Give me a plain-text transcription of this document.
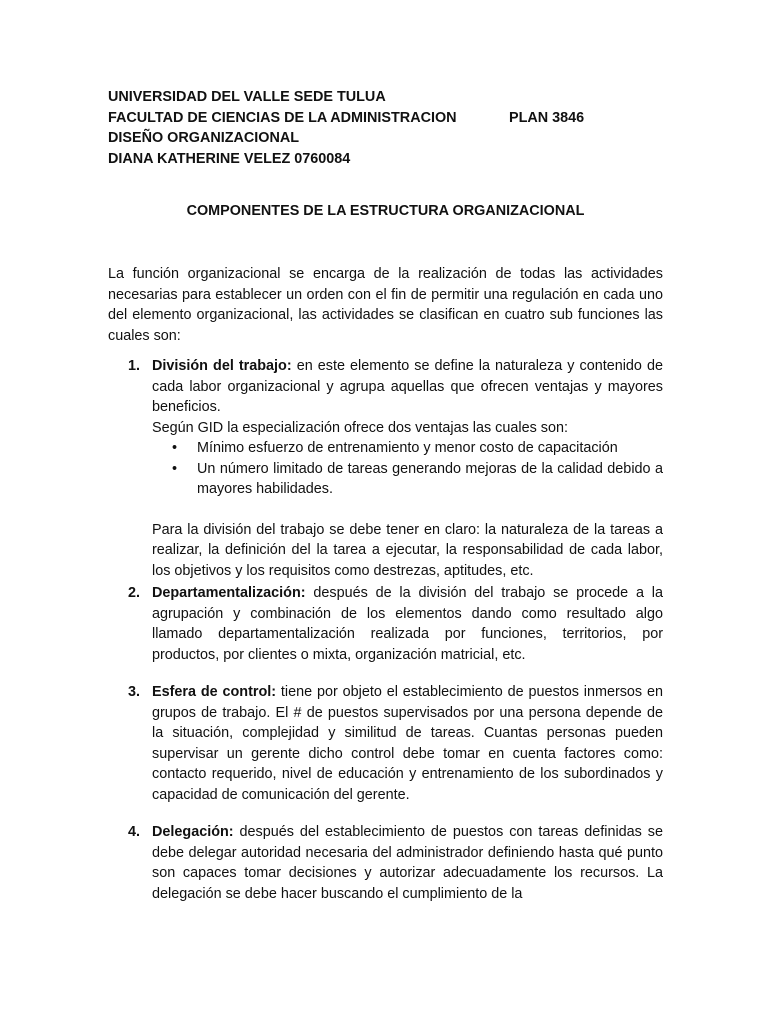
UNIVERSIDAD DEL VALLE SEDE TULUA
FACULTAD DE CIENCIAS DE LA ADMINISTRACION	PLAN 3846
DISEÑO ORGANIZACIONAL
DIANA KATHERINE VELEZ 0760084
COMPONENTES DE LA ESTRUCTURA ORGANIZACIONAL
La función organizacional se encarga de la realización de todas las actividades necesarias para establecer un orden con el fin de permitir una regulación en cada uno del elemento organizacional, las actividades se clasifican en cuatro sub funciones las cuales son:
1. División del trabajo: en este elemento se define la naturaleza y contenido de cada labor organizacional y agrupa aquellas que ofrecen ventajas y mayores beneficios.
Según GID la especialización ofrece dos ventajas las cuales son:
• Mínimo esfuerzo de entrenamiento y menor costo de capacitación
• Un número limitado de tareas generando mejoras de la calidad debido a mayores habilidades.
Para la división del trabajo se debe tener en claro: la naturaleza de la tareas a realizar, la definición del la tarea a ejecutar, la responsabilidad de cada labor, los objetivos y los requisitos como destrezas, aptitudes, etc.
2. Departamentalización: después de la división del trabajo se procede a la agrupación y combinación de los elementos dando como resultado algo llamado departamentalización realizada por funciones, territorios, por productos, por clientes o mixta, organización matricial, etc.
3. Esfera de control: tiene por objeto el establecimiento de puestos inmersos en grupos de trabajo. El # de puestos supervisados por una persona depende de la situación, complejidad y similitud de tareas. Cuantas personas pueden supervisar un gerente dicho control debe tomar en cuenta factores como: contacto requerido, nivel de educación y entrenamiento de los subordinados y capacidad de comunicación del gerente.
4. Delegación: después del establecimiento de puestos con tareas definidas se debe delegar autoridad necesaria del administrador definiendo hasta qué punto son capaces tomar decisiones y autorizar adecuadamente los recursos. La delegación se debe hacer buscando el cumplimiento de la
